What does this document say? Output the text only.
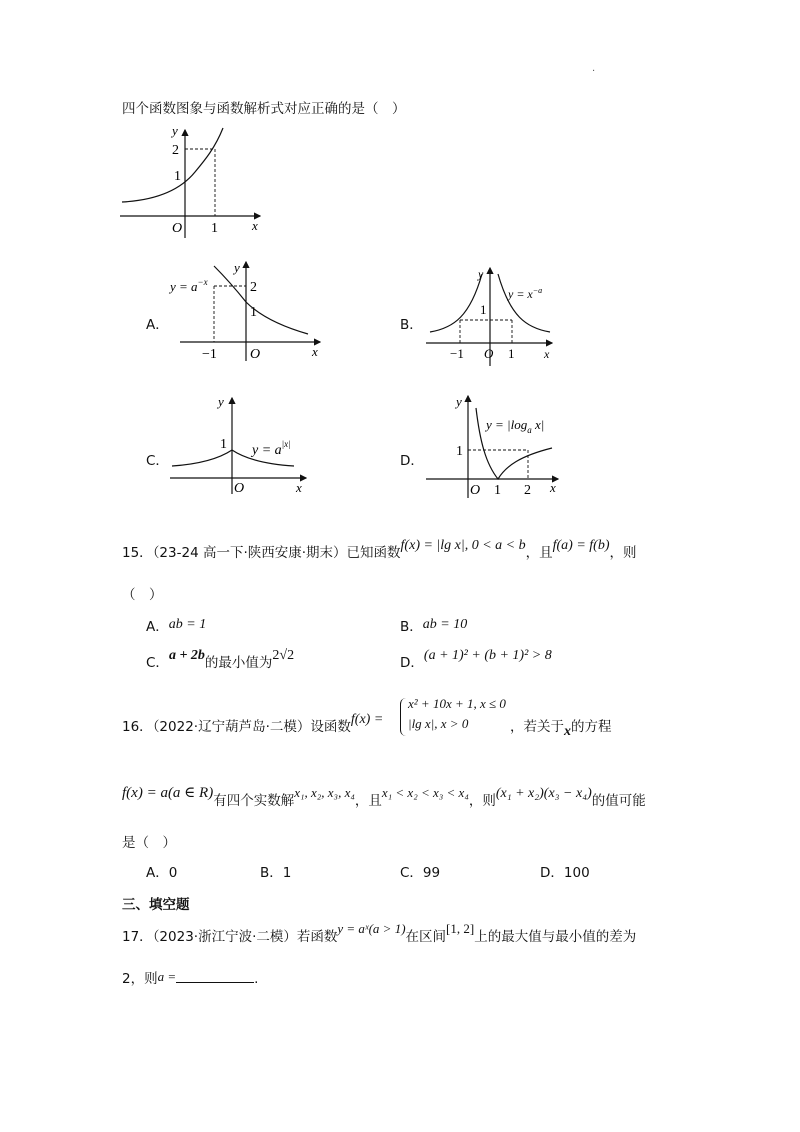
.
四个函数图象与函数解析式对应正确的是（　）
y
x
2
1
1
O
A．
$y = a^{-x}$
y
2
1
−1 O	x
B．
y
$y = x^{-a}$
1
−1 O 1 x
C．
y
1 $y = a^{|x|}$
O	x
D．
y
$y = |\log_a$ x|
1
O 1 2 x
15．（23-24 高一下·陕西安康·期末）已知函数f(x) = |lg x|, 0 < a < b，且f(a) = f(b)，则
（　）
A．ab = 1	B．ab = 10
C．a + 2b的最小值为2√2	D．(a + 1)² + (b + 1)² > 8
16．（2022·辽宁葫芦岛·二模）设函数f(x) =
x² + 10x + 1, x ≤ 0
|lg x|, x > 0	，若关于x的方程
f(x) = a(a ∈ R)有四个实数解x₁, x₂, x₃, x₄，且x₁ < x₂ < x₃ < x₄，则(x₁ + x₂)(x₃ − x₄)的值可能
是（　）
A．0	B．1	C．99	D．100
三、填空题
17．（2023·浙江宁波·二模）若函数y = aˣ(a > 1)在区间[1, 2]上的最大值与最小值的差为
2，则a =	.
